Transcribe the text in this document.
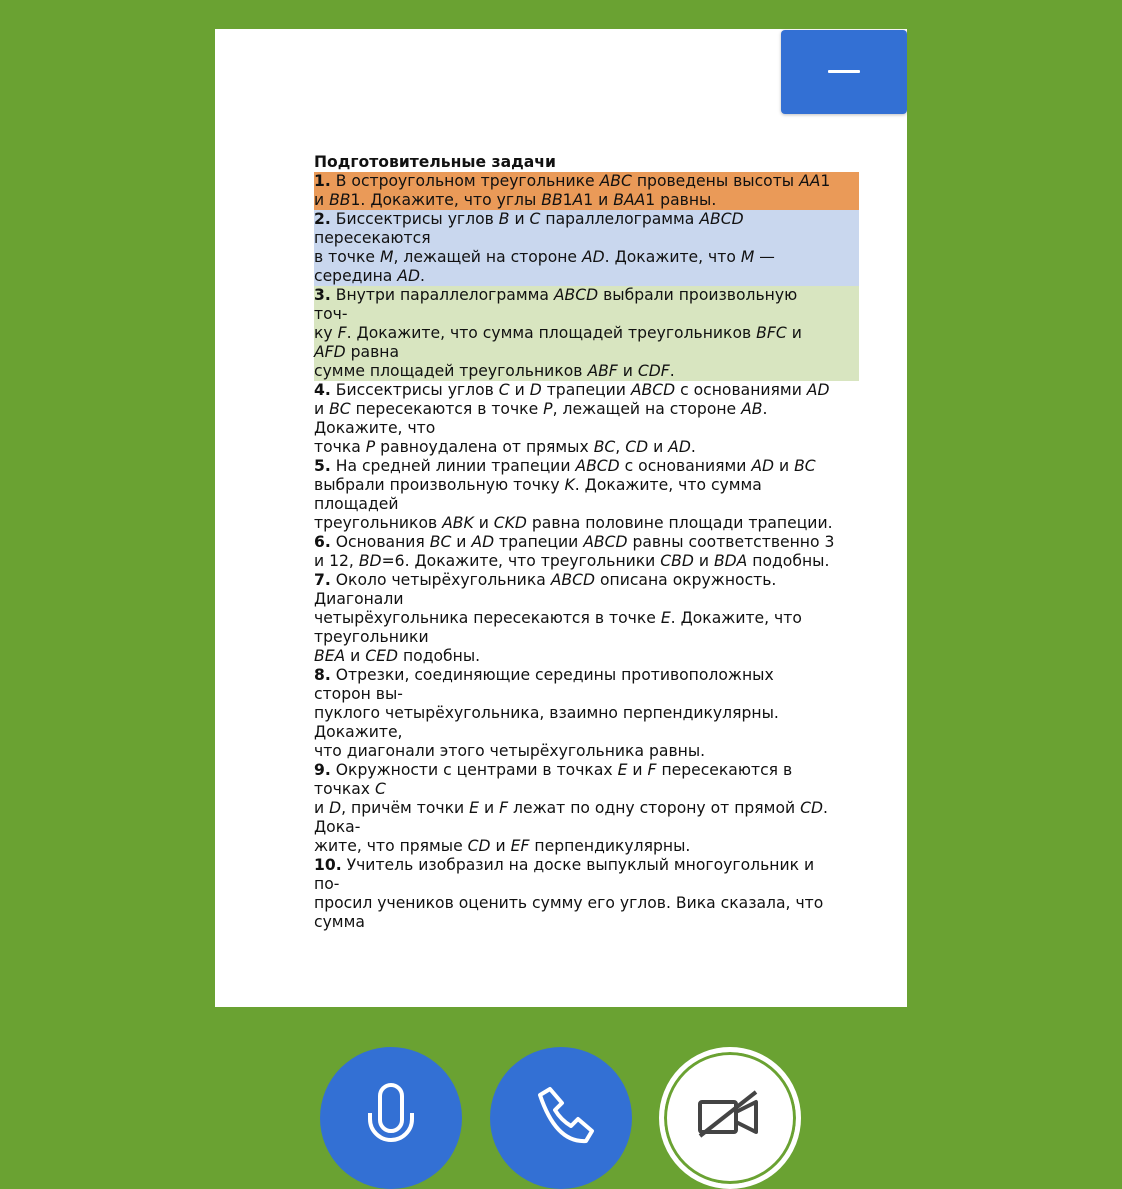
Подготовительные задачи
1. В остроугольном треугольнике ABC проведены высоты AA1
и BB1. Докажите, что углы BB1A1 и BAA1 равны.
2. Биссектрисы углов B и C параллелограмма ABCD
пересекаются
в точке M, лежащей на стороне AD. Докажите, что M —
середина AD.
3. Внутри параллелограмма ABCD выбрали произвольную
точ-
ку F. Докажите, что сумма площадей треугольников BFC и
AFD равна
сумме площадей треугольников ABF и CDF.
4. Биссектрисы углов C и D трапеции ABCD с основаниями AD
и BC пересекаются в точке P, лежащей на стороне AB.
Докажите, что
точка P равноудалена от прямых BC, CD и AD.
5. На средней линии трапеции ABCD с основаниями AD и BC
выбрали произвольную точку K. Докажите, что сумма
площадей
треугольников ABK и CKD равна половине площади трапеции.
6. Основания BC и AD трапеции ABCD равны соответственно 3
и 12, BD=6. Докажите, что треугольники CBD и BDA подобны.
7. Около четырёхугольника ABCD описана окружность.
Диагонали
четырёхугольника пересекаются в точке E. Докажите, что
треугольники
BEA и CED подобны.
8. Отрезки, соединяющие середины противоположных
сторон вы-
пуклого четырёхугольника, взаимно перпендикулярны.
Докажите,
что диагонали этого четырёхугольника равны.
9. Окружности с центрами в точках E и F пересекаются в
точках C
и D, причём точки E и F лежат по одну сторону от прямой CD.
Дока-
жите, что прямые CD и EF перпендикулярны.
10. Учитель изобразил на доске выпуклый многоугольник и
по-
просил учеников оценить сумму его углов. Вика сказала, что
сумма
